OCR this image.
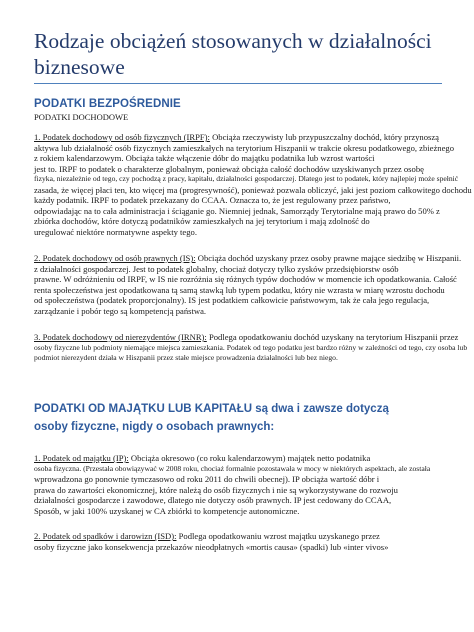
Rodzaje obciążeń stosowanych w działalności
biznesowe
PODATKI BEZPOŚREDNIE
PODATKI DOCHODOWE
1. Podatek dochodowy od osób fizycznych (IRPF): Obciąża rzeczywisty lub przypuszczalny dochód, który przynoszą
aktywa lub działalność osób fizycznych zamieszkałych na terytorium Hiszpanii w trakcie okresu podatkowego, zbieżnego
z rokiem kalendarzowym. Obciąża także włączenie dóbr do majątku podatnika lub wzrost wartości
jest to. IRPF to podatek o charakterze globalnym, ponieważ obciąża całość dochodów uzyskiwanych przez osobę
fizyka, niezależnie od tego, czy pochodzą z pracy, kapitału, działalności gospodarczej. Dlatego jest to podatek, który najlepiej może spełnić
zasada, że więcej płaci ten, kto więcej ma (progresywność), ponieważ pozwala obliczyć, jaki jest poziom całkowitego dochodu
każdy podatnik. IRPF to podatek przekazany do CCAA. Oznacza to, że jest regulowany przez państwo,
odpowiadając na to cała administracja i ściąganie go. Niemniej jednak, Samorządy Terytorialne mają prawo do 50% z
zbiórka dochodów, które dotyczą podatników zamieszkałych na jej terytorium i mają zdolność do
uregulować niektóre normatywne aspekty tego.
2. Podatek dochodowy od osób prawnych (IS): Obciąża dochód uzyskany przez osoby prawne mające siedzibę w Hiszpanii.
z działalności gospodarczej. Jest to podatek globalny, chociaż dotyczy tylko zysków przedsiębiorstw osób
prawne. W odróżnieniu od IRPF, w IS nie rozróżnia się różnych typów dochodów w momencie ich opodatkowania. Całość
renta społeczeństwa jest opodatkowana tą samą stawką lub typem podatku, który nie wzrasta w miarę wzrostu dochodu
od społeczeństwa (podatek proporcjonalny). IS jest podatkiem całkowicie państwowym, tak że cała jego regulacja,
zarządzanie i pobór tego są kompetencją państwa.
3. Podatek dochodowy od nierezydentów (IRNR): Podlega opodatkowaniu dochód uzyskany na terytorium Hiszpanii przez
osoby fizyczne lub podmioty niemające miejsca zamieszkania. Podatek od tego podatku jest bardzo różny w zależności od tego, czy osoba lub
podmiot nierezydent działa w Hiszpanii przez stałe miejsce prowadzenia działalności lub bez niego.
PODATKI OD MAJĄTKU LUB KAPITAŁU są dwa i zawsze dotyczą
osoby fizyczne, nigdy o osobach prawnych:
1. Podatek od majątku (IP): Obciąża okresowo (co roku kalendarzowym) majątek netto podatnika
osoba fizyczna. (Przestała obowiązywać w 2008 roku, chociaż formalnie pozostawała w mocy w niektórych aspektach, ale została
wprowadzona go ponownie tymczasowo od roku 2011 do chwili obecnej). IP obciąża wartość dóbr i
prawa do zawartości ekonomicznej, które należą do osób fizycznych i nie są wykorzystywane do rozwoju
działalności gospodarcze i zawodowe, dlatego nie dotyczy osób prawnych. IP jest cedowany do CCAA,
Sposób, w jaki 100% uzyskanej w CA zbiórki to kompetencje autonomiczne.
2. Podatek od spadków i darowizn (ISD): Podlega opodatkowaniu wzrost majątku uzyskanego przez
osoby fizyczne jako konsekwencja przekazów nieodpłatnych «mortis causa» (spadki) lub «inter vivos»
